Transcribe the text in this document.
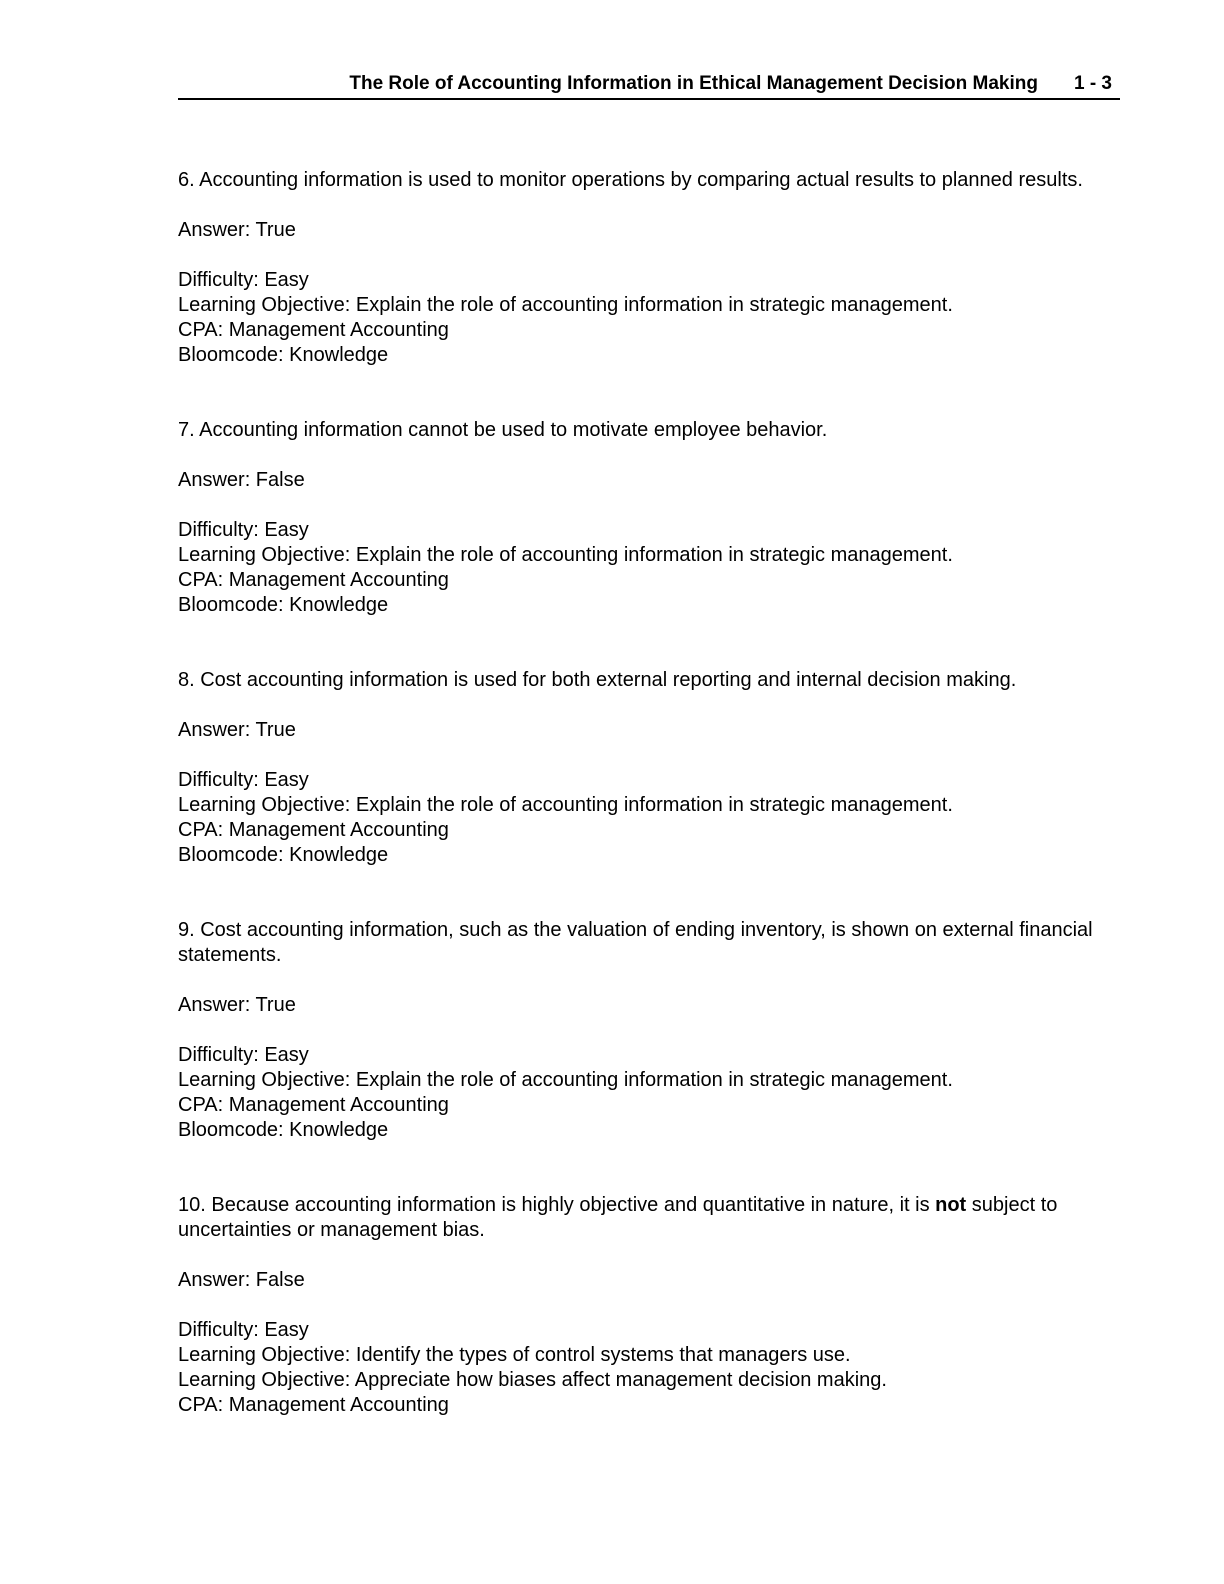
The Role of Accounting Information in Ethical Management Decision Making 1 - 3

6. Accounting information is used to monitor operations by comparing actual results to planned results.

Answer: True

Difficulty: Easy

Learning Objective: Explain the role of accounting information in strategic management.

CPA: Management Accounting

Bloomcode: Knowledge

7. Accounting information cannot be used to motivate employee behavior.

Answer: False

Difficulty: Easy

Learning Objective: Explain the role of accounting information in strategic management.

CPA: Management Accounting

Bloomcode: Knowledge

8. Cost accounting information is used for both external reporting and internal decision making.

Answer: True

Difficulty: Easy

Learning Objective: Explain the role of accounting information in strategic management.

CPA: Management Accounting

Bloomcode: Knowledge

9. Cost accounting information, such as the valuation of ending inventory, is shown on external financial statements.

Answer: True

Difficulty: Easy

Learning Objective: Explain the role of accounting information in strategic management.

CPA: Management Accounting

Bloomcode: Knowledge

10. Because accounting information is highly objective and quantitative in nature, it is not subject to uncertainties or management bias.

Answer: False

Difficulty: Easy

Learning Objective: Identify the types of control systems that managers use.

Learning Objective: Appreciate how biases affect management decision making.

CPA: Management Accounting
